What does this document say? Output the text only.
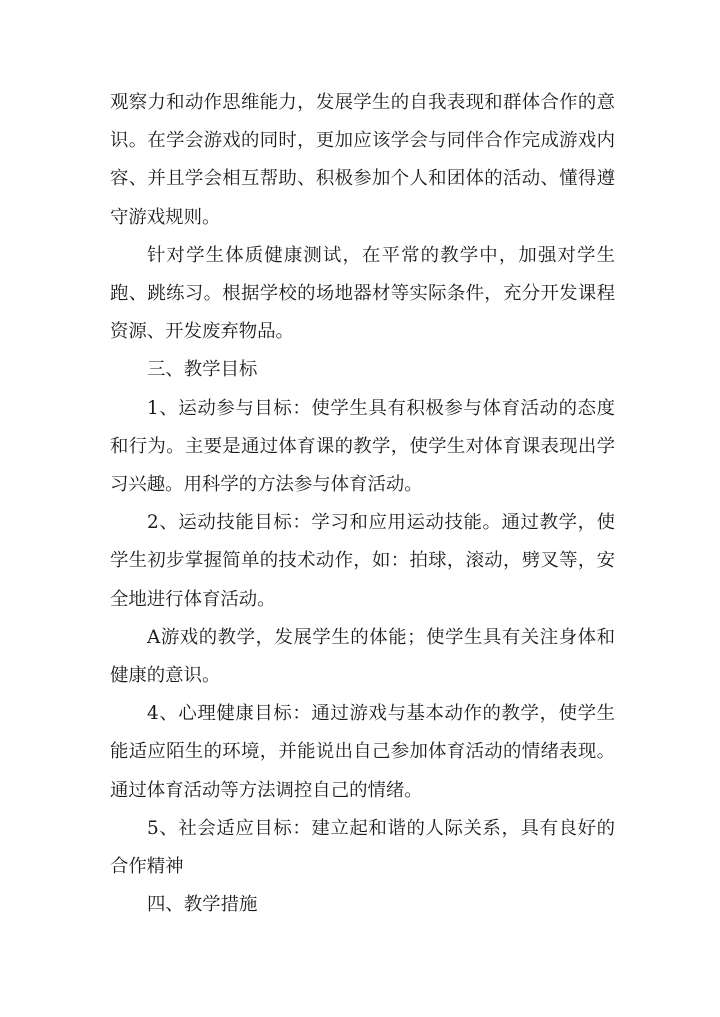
观察力和动作思维能力，发展学生的自我表现和群体合作的意识。在学会游戏的同时，更加应该学会与同伴合作完成游戏内容、并且学会相互帮助、积极参加个人和团体的活动、懂得遵守游戏规则。

针对学生体质健康测试，在平常的教学中，加强对学生跑、跳练习。根据学校的场地器材等实际条件，充分开发课程资源、开发废弃物品。

三、教学目标

1、运动参与目标：使学生具有积极参与体育活动的态度和行为。主要是通过体育课的教学，使学生对体育课表现出学习兴趣。用科学的方法参与体育活动。

2、运动技能目标：学习和应用运动技能。通过教学，使学生初步掌握简单的技术动作，如：拍球，滚动，劈叉等，安全地进行体育活动。

A游戏的教学，发展学生的体能；使学生具有关注身体和健康的意识。

4、心理健康目标：通过游戏与基本动作的教学，使学生能适应陌生的环境，并能说出自己参加体育活动的情绪表现。通过体育活动等方法调控自己的情绪。

5、社会适应目标：建立起和谐的人际关系，具有良好的合作精神

四、教学措施
